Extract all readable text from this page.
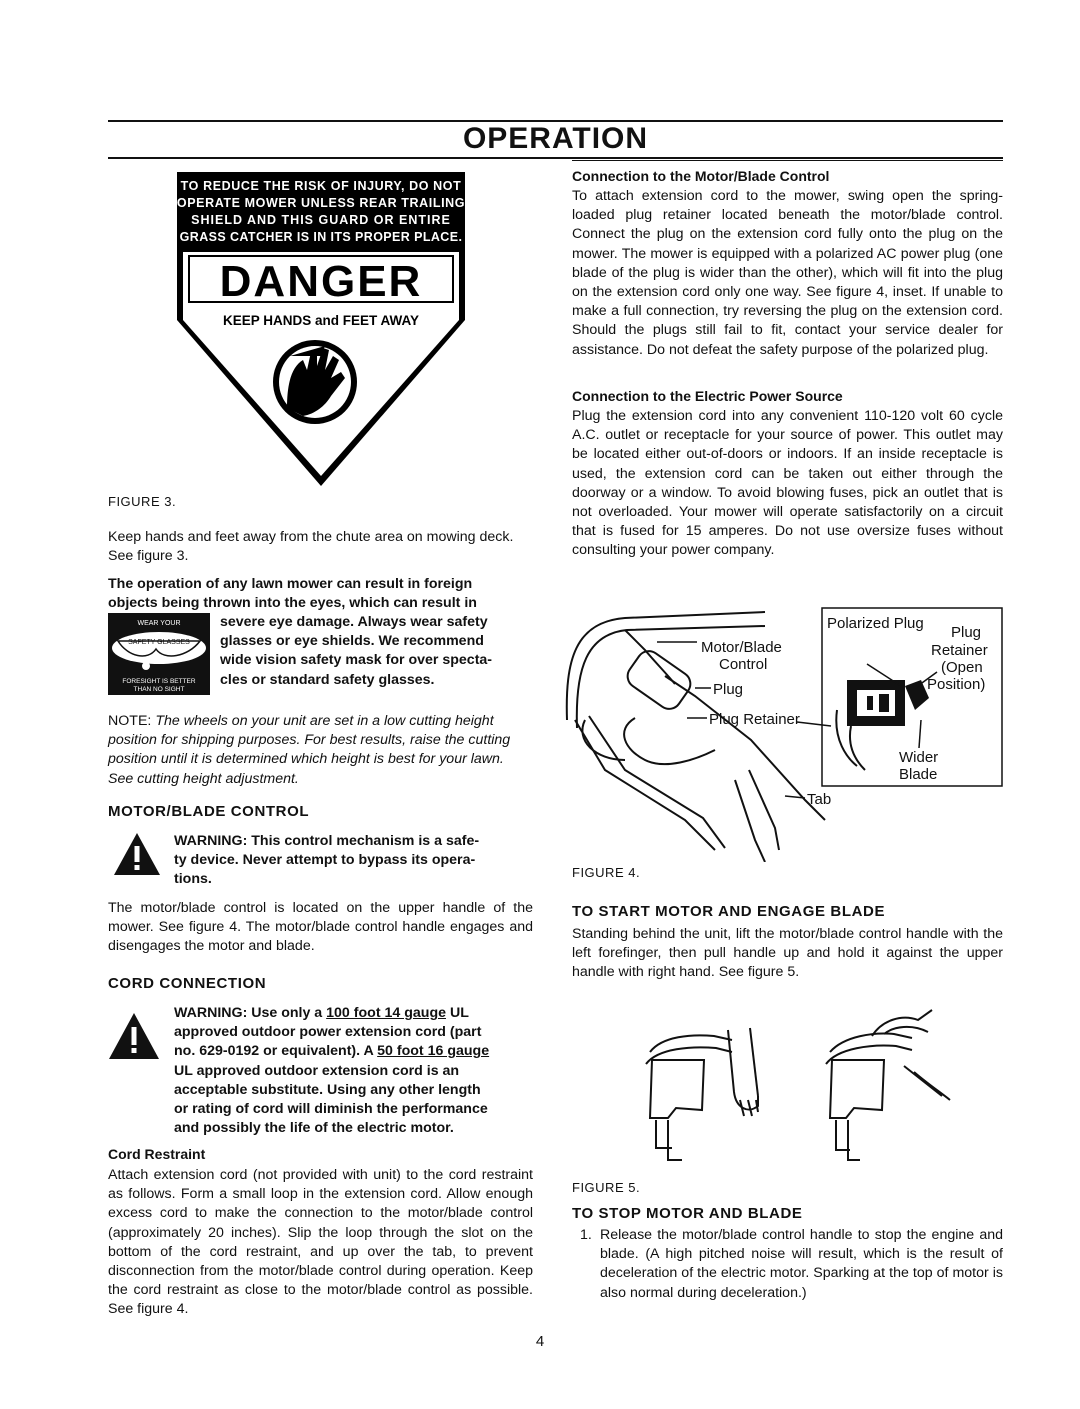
OPERATION
DANGER
TO REDUCE THE RISK OF INJURY, DO NOT
OPERATE MOWER UNLESS REAR TRAILING
SHIELD AND THIS GUARD OR ENTIRE
GRASS CATCHER IS IN ITS PROPER PLACE.
KEEP HANDS and FEET AWAY
FIGURE 3.
Keep hands and feet away from the chute area on mowing deck. See figure 3.
The operation of any lawn mower can result in foreign
objects being thrown into the eyes, which can result in
WEAR YOUR
SAFETY GLASSES
FORESIGHT IS BETTER
THAN NO SIGHT
severe eye damage. Always wear safety
glasses or eye shields. We recommend
wide vision safety mask for over specta-
cles or standard safety glasses.
NOTE: The wheels on your unit are set in a low cutting height position for shipping purposes. For best results, raise the cutting position until it is determined which height is best for your lawn. See cutting height adjustment.
MOTOR/BLADE CONTROL
WARNING: This control mechanism is a safe-
ty device. Never attempt to bypass its opera-
tions.
The motor/blade control is located on the upper handle of the mower. See figure 4. The motor/blade control handle engages and disengages the motor and blade.
CORD CONNECTION
WARNING: Use only a 100 foot 14 gauge UL
approved outdoor power extension cord (part
no. 629-0192 or equivalent). A 50 foot 16 gauge
UL approved outdoor extension cord is an
acceptable substitute. Using any other length
or rating of cord will diminish the performance
and possibly the life of the electric motor.
Cord Restraint
Attach extension cord (not provided with unit) to the cord restraint as follows. Form a small loop in the extension cord. Allow enough excess cord to make the connection to the motor/blade control (approximately 20 inches). Slip the loop through the slot on the bottom of the cord restraint, and up over the tab, to prevent disconnection from the motor/blade control during operation. Keep the cord restraint as close to the motor/blade control as possible. See figure 4.
Connection to the Motor/Blade Control
To attach extension cord to the mower, swing open the spring-loaded plug retainer located beneath the motor/blade control. Connect the plug on the extension cord fully onto the plug on the mower. The mower is equipped with a polarized AC power plug (one blade of the plug is wider than the other), which will fit into the plug on the extension cord only one way. See figure 4, inset. If unable to make a full connection, try reversing the plug on the extension cord. Should the plugs still fail to fit, contact your service dealer for assistance. Do not defeat the safety purpose of the polarized plug.
Connection to the Electric Power Source
Plug the extension cord into any convenient 110-120 volt 60 cycle A.C. outlet or receptacle for your source of power. This outlet may be located either out-of-doors or indoors. If an inside receptacle is used, the extension cord can be taken out either through the doorway or a window. To avoid blowing fuses, pick an outlet that is not overloaded. Your mower will operate satisfactorily on a circuit that is fused for 15 amperes. Do not use oversize fuses without consulting your power company.
Motor/Blade
Control
Plug
Plug Retainer
Tab
Polarized Plug
Plug
Retainer
(Open
Position)
Wider
Blade
FIGURE 4.
TO START MOTOR AND ENGAGE BLADE
Standing behind the unit, lift the motor/blade control handle with the left forefinger, then pull handle up and hold it against the upper handle with right hand. See figure 5.
FIGURE 5.
TO STOP MOTOR AND BLADE
1. Release the motor/blade control handle to stop the engine and blade. (A high pitched noise will result, which is the result of deceleration of the electric motor. Sparking at the top of motor is also normal during deceleration.)
4
